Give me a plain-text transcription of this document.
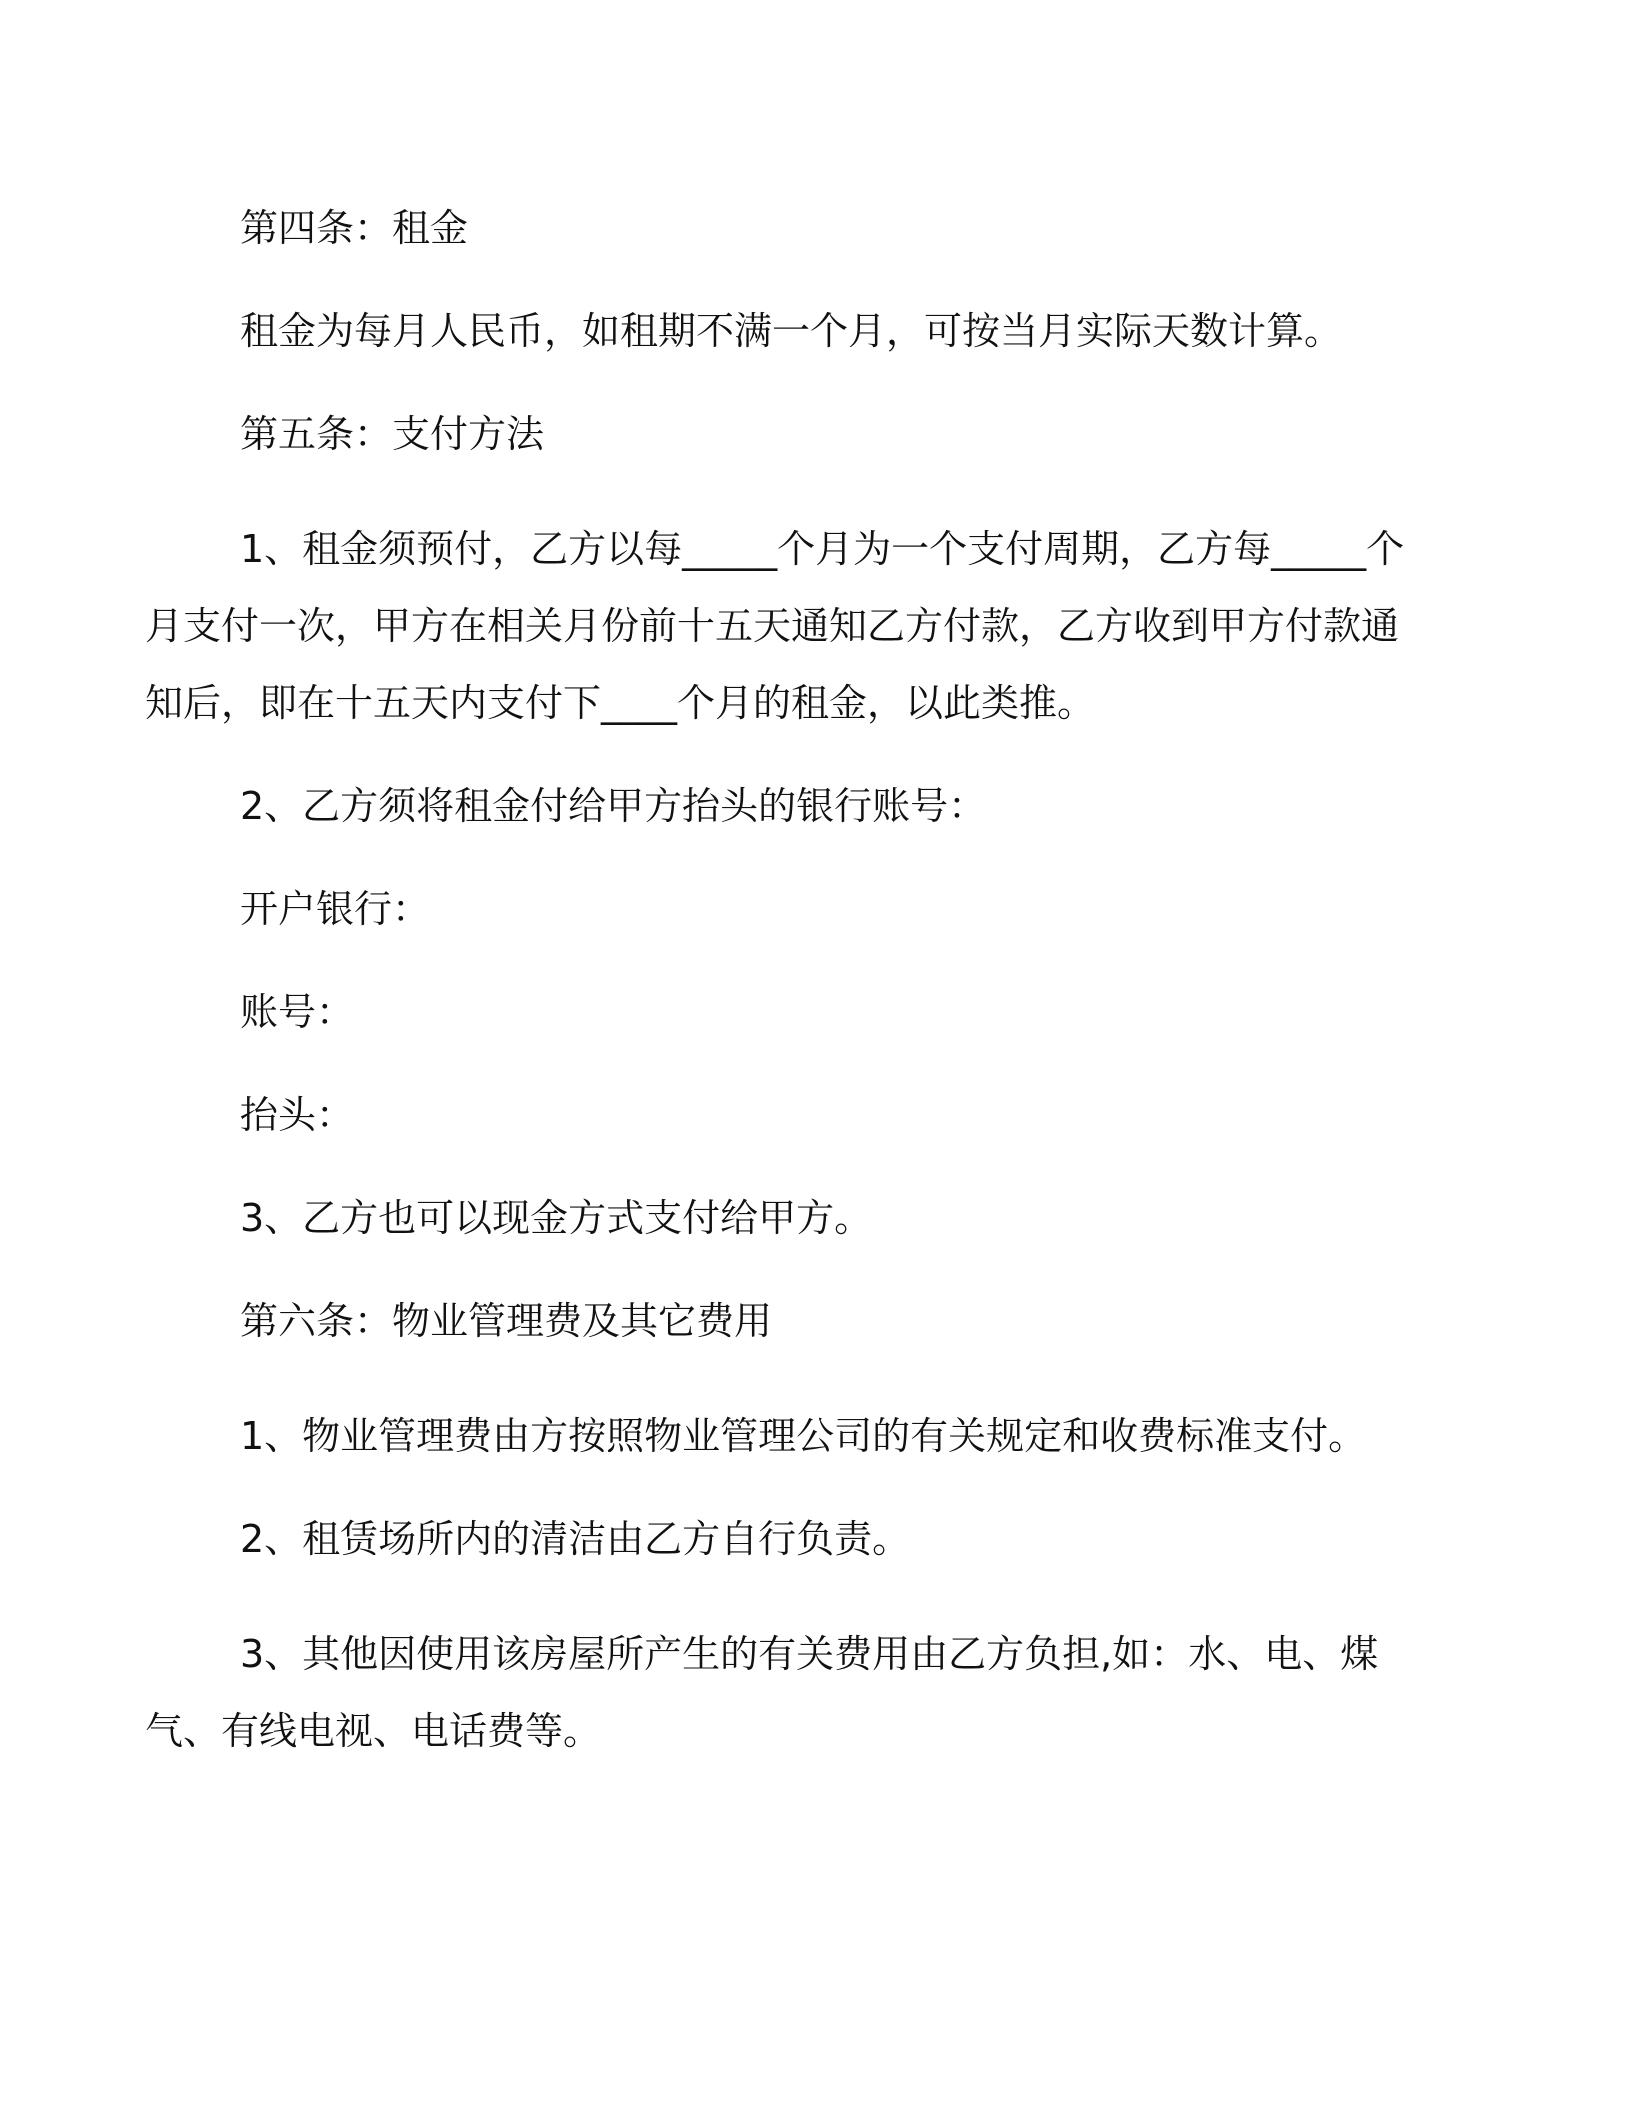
第四条：租金

租金为每月人民币，如租期不满一个月，可按当月实际天数计算。

第五条：支付方法

1、租金须预付，乙方以每_____个月为一个支付周期，乙方每_____个月支付一次，甲方在相关月份前十五天通知乙方付款，乙方收到甲方付款通知后，即在十五天内支付下____个月的租金，以此类推。

2、乙方须将租金付给甲方抬头的银行账号：

开户银行：

账号：

抬头：

3、乙方也可以现金方式支付给甲方。

第六条：物业管理费及其它费用

1、物业管理费由方按照物业管理公司的有关规定和收费标准支付。

2、租赁场所内的清洁由乙方自行负责。

3、其他因使用该房屋所产生的有关费用由乙方负担,如：水、电、煤气、有线电视、电话费等。
